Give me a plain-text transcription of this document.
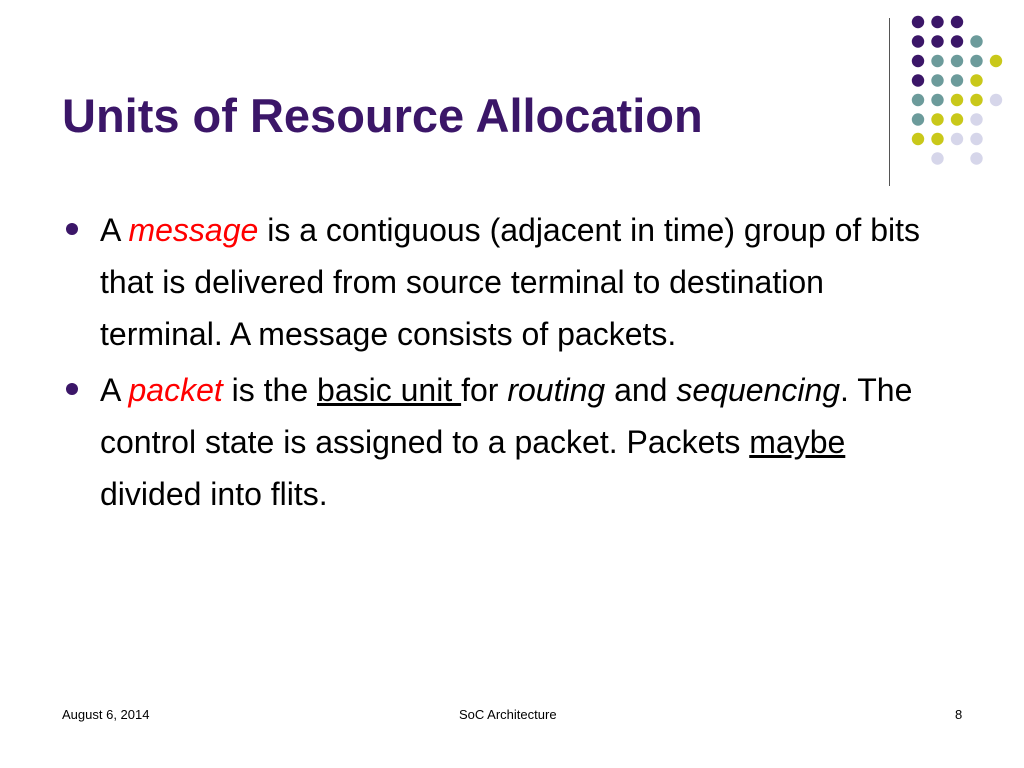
Units of Resource Allocation
A message is a contiguous (adjacent in time) group of bits that is delivered from source terminal to destination terminal. A message consists of packets.
A packet is the basic unit for routing and sequencing. The control state is assigned to a packet. Packets maybe divided into flits.
August 6, 2014	SoC Architecture	8
